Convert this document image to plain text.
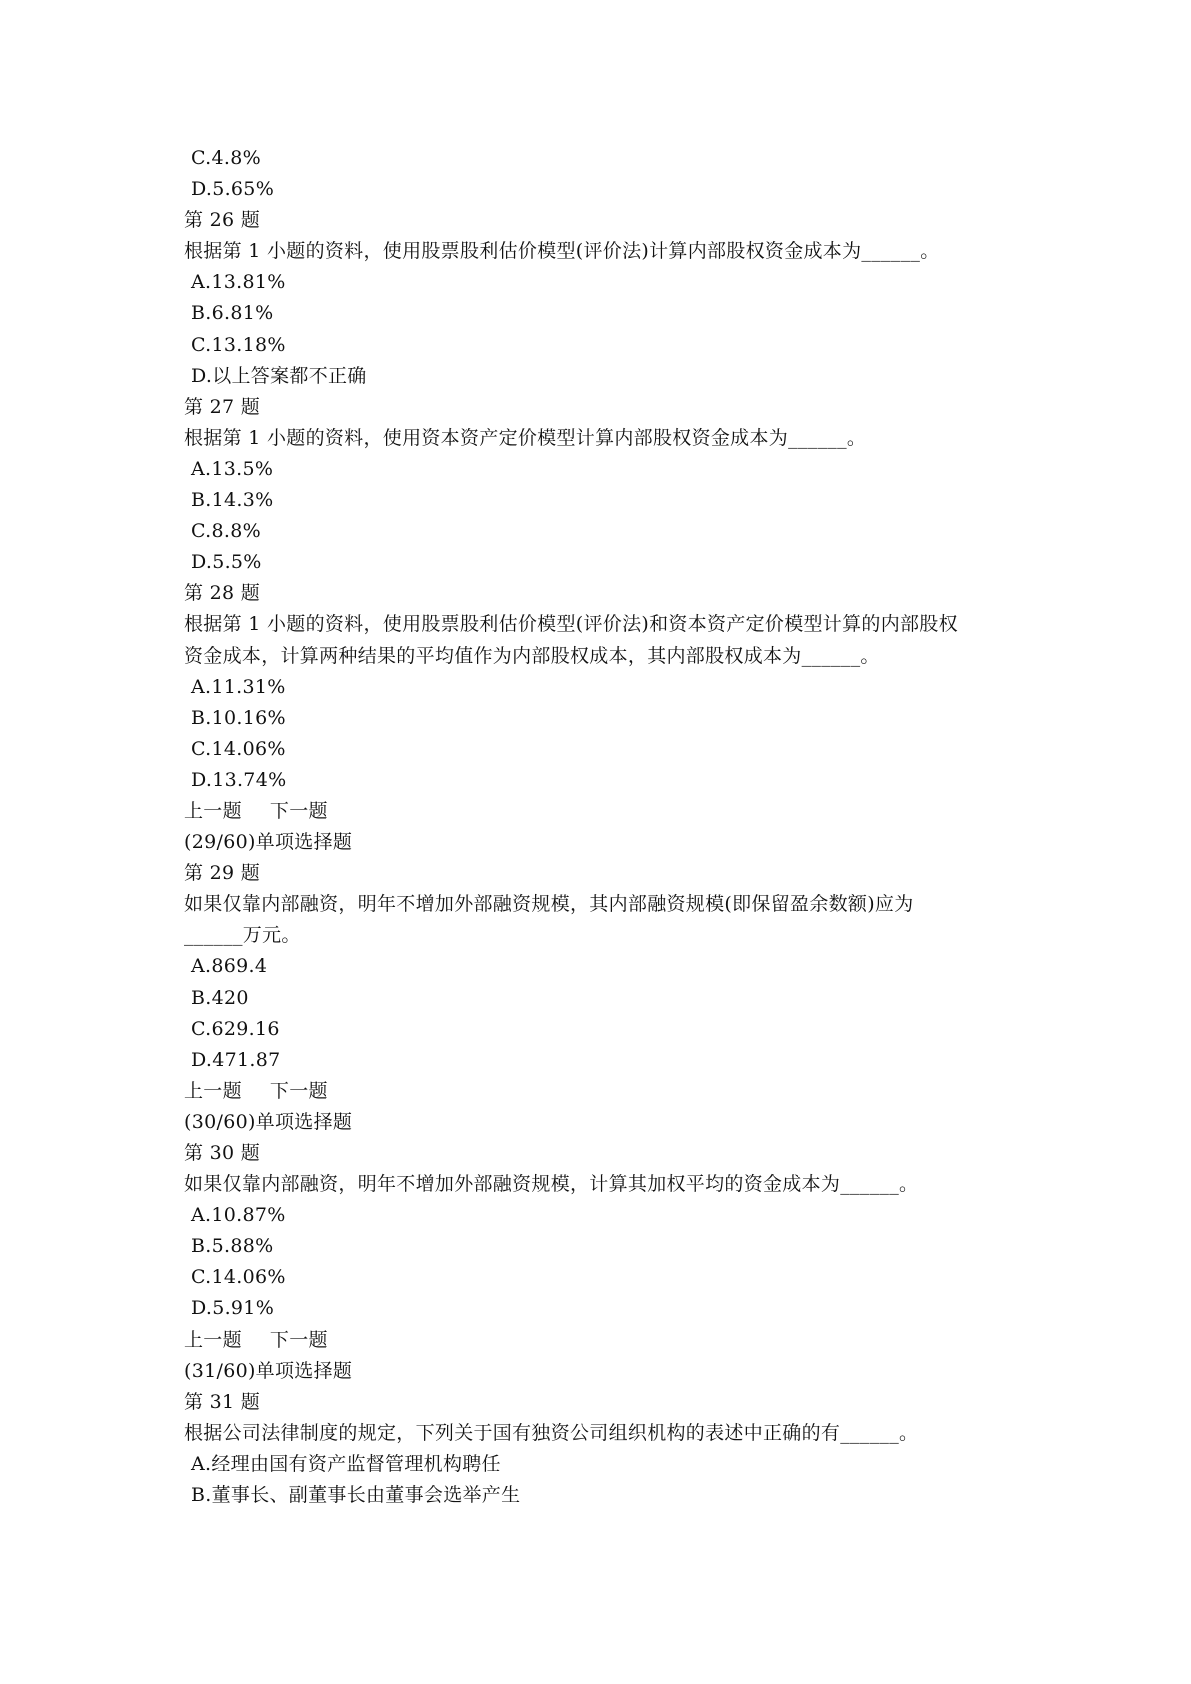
C.4.8%
D.5.65%
第 26 题
根据第 1 小题的资料，使用股票股利估价模型(评价法)计算内部股权资金成本为______。
A.13.81%
B.6.81%
C.13.18%
D.以上答案都不正确
第 27 题
根据第 1 小题的资料，使用资本资产定价模型计算内部股权资金成本为______。
A.13.5%
B.14.3%
C.8.8%
D.5.5%
第 28 题
根据第 1 小题的资料，使用股票股利估价模型(评价法)和资本资产定价模型计算的内部股权
资金成本，计算两种结果的平均值作为内部股权成本，其内部股权成本为______。
A.11.31%
B.10.16%
C.14.06%
D.13.74%
上一题 下一题
(29/60)单项选择题
第 29 题
如果仅靠内部融资，明年不增加外部融资规模，其内部融资规模(即保留盈余数额)应为
______万元。
A.869.4
B.420
C.629.16
D.471.87
上一题 下一题
(30/60)单项选择题
第 30 题
如果仅靠内部融资，明年不增加外部融资规模，计算其加权平均的资金成本为______。
A.10.87%
B.5.88%
C.14.06%
D.5.91%
上一题 下一题
(31/60)单项选择题
第 31 题
根据公司法律制度的规定，下列关于国有独资公司组织机构的表述中正确的有______。
A.经理由国有资产监督管理机构聘任
B.董事长、副董事长由董事会选举产生
